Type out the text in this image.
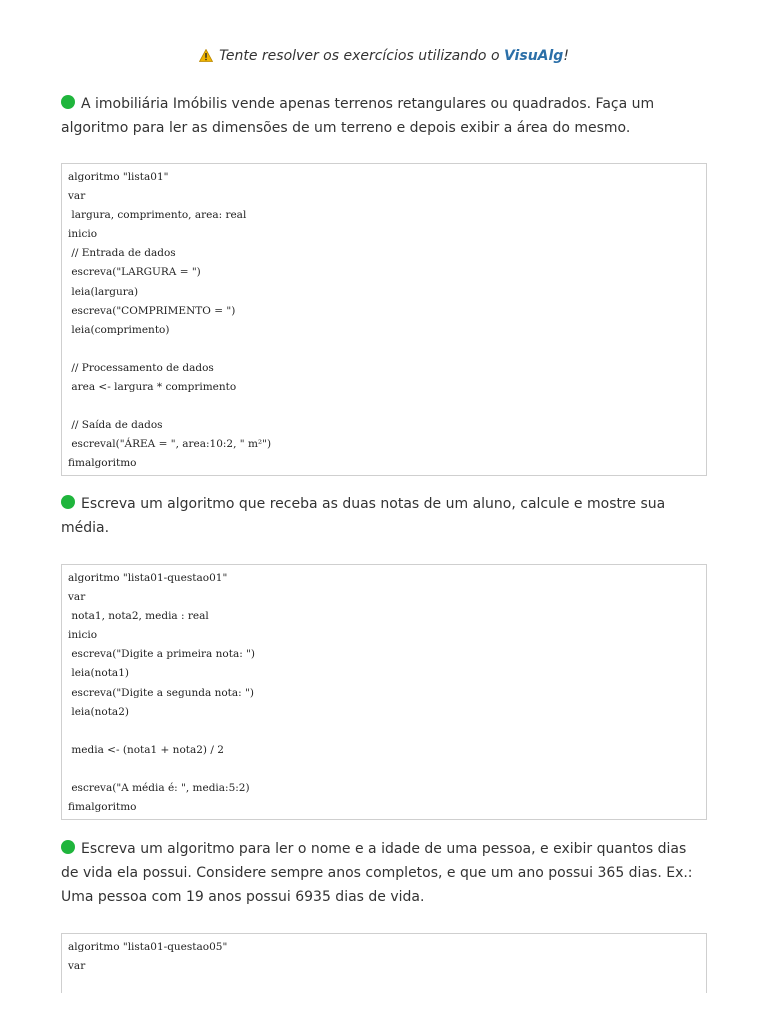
Tente resolver os exercícios utilizando o VisuAlg!
A imobiliária Imóbilis vende apenas terrenos retangulares ou quadrados. Faça um algoritmo para ler as dimensões de um terreno e depois exibir a área do mesmo.
algoritmo "lista01"
var
largura, comprimento, area: real
inicio
// Entrada de dados
escreva("LARGURA = ")
leia(largura)
escreva("COMPRIMENTO = ")
leia(comprimento)
// Processamento de dados
area <- largura * comprimento
// Saída de dados
escreval("ÁREA = ", area:10:2, " m²")
fimalgoritmo
Escreva um algoritmo que receba as duas notas de um aluno, calcule e mostre sua média.
algoritmo "lista01-questao01"
var
nota1, nota2, media : real
inicio
escreva("Digite a primeira nota: ")
leia(nota1)
escreva("Digite a segunda nota: ")
leia(nota2)
media <- (nota1 + nota2) / 2
escreva("A média é: ", media:5:2)
fimalgoritmo
Escreva um algoritmo para ler o nome e a idade de uma pessoa, e exibir quantos dias de vida ela possui. Considere sempre anos completos, e que um ano possui 365 dias. Ex.: Uma pessoa com 19 anos possui 6935 dias de vida.
algoritmo "lista01-questao05"
var
